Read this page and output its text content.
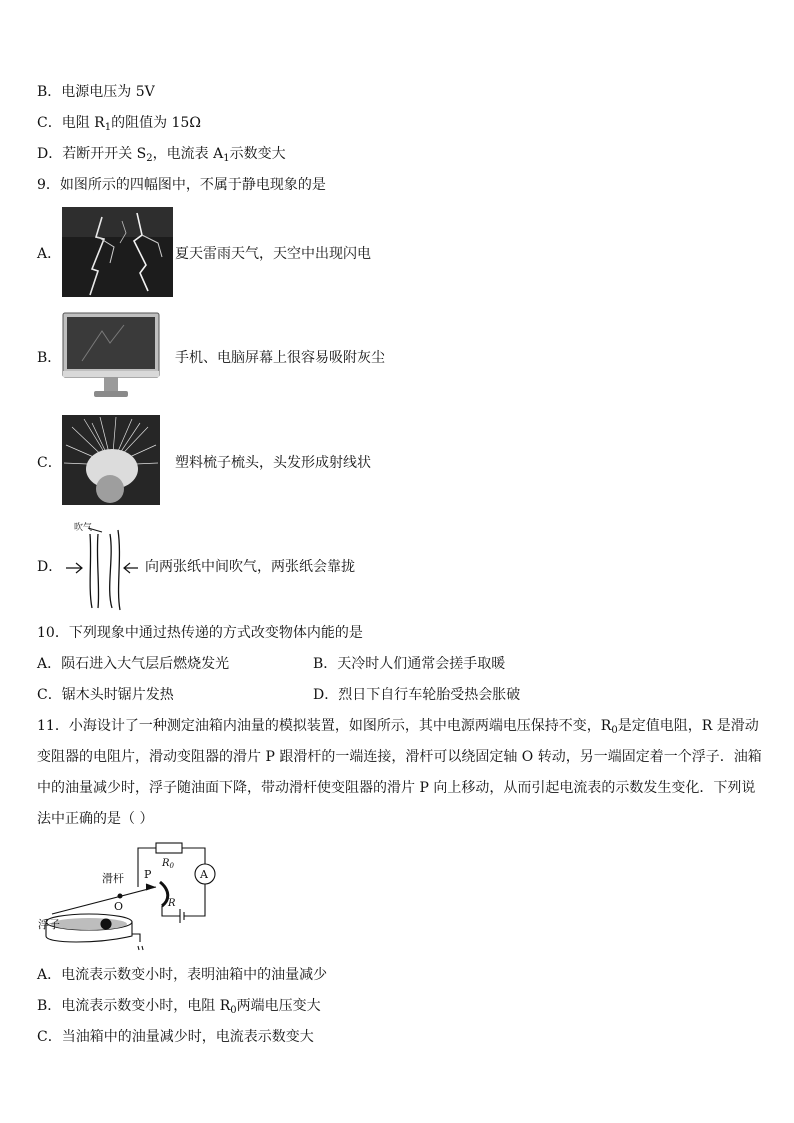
B．电源电压为 5V
C．电阻 $R_1$的阻值为 15Ω
D．若断开开关 $S_2$，电流表 $A_1$示数变大
9．如图所示的四幅图中，不属于静电现象的是
A．	夏天雷雨天气，天空中出现闪电
B．	手机、电脑屏幕上很容易吸附灰尘
C．	塑料梳子梳头，头发形成射线状
D．
吹气
向两张纸中间吹气，两张纸会靠拢
10．下列现象中通过热传递的方式改变物体内能的是
A．陨石进入大气层后燃烧发光	B．天冷时人们通常会搓手取暖
C．锯木头时锯片发热	D．烈日下自行车轮胎受热会胀破
11．小海设计了一种测定油箱内油量的模拟装置，如图所示，其中电源两端电压保持不变，$R_0$是定值电阻，R 是滑动
变阻器的电阻片，滑动变阻器的滑片 P 跟滑杆的一端连接，滑杆可以绕固定轴 O 转动，另一端固定着一个浮子．油箱
中的油量减少时，浮子随油面下降，带动滑杆使变阻器的滑片 P 向上移动，从而引起电流表的示数发生变化．下列说
法中正确的是（ ）
$R_0$
A
滑杆
O
P
R
浮子
A．电流表示数变小时，表明油箱中的油量减少
B．电流表示数变小时，电阻 $R_0$两端电压变大
C．当油箱中的油量减少时，电流表示数变大
